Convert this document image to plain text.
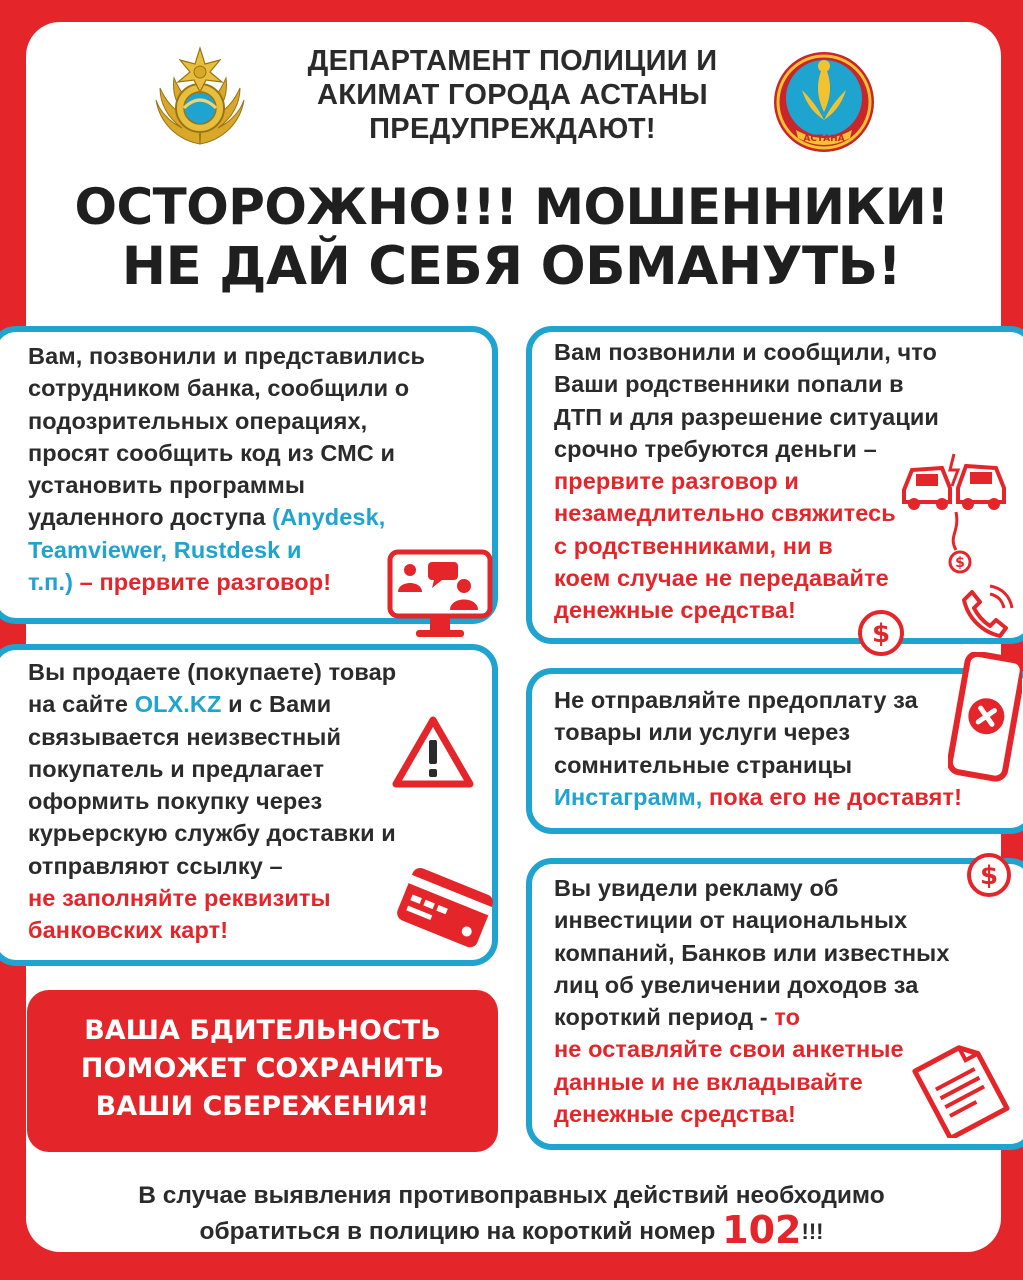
АСТАНА
ДЕПАРТАМЕНТ ПОЛИЦИИ И
АКИМАТ ГОРОДА АСТАНЫ
ПРЕДУПРЕЖДАЮТ!
ОСТОРОЖНО!!! МОШЕННИКИ!
НЕ ДАЙ СЕБЯ ОБМАНУТЬ!
Вам, позвонили и представились
сотрудником банка, сообщили о
подозрительных операциях,
просят сообщить код из СМС и
установить программы
удаленного доступа (Anydesk,
Teamviewer, Rustdesk и
т.п.) – прервите разговор!
Вам позвонили и сообщили, что
Ваши родственники попали в
ДТП и для разрешение ситуации
срочно требуются деньги –
прервите разговор и
незамедлительно свяжитесь
с родственниками, ни в
коем случае не передавайте
денежные средства!
$
$
Вы продаете (покупаете) товар
на сайте OLX.KZ и с Вами
связывается неизвестный
покупатель и предлагает
оформить покупку через
курьерскую службу доставки и
отправляют ссылку –
не заполняйте реквизиты
банковских карт!
Не отправляйте предоплату за
товары или услуги через
сомнительные страницы
Инстаграмм, пока его не доставят!
Вы увидели рекламу об
инвестиции от национальных
компаний, Банков или известных
лиц об увеличении доходов за
короткий период - то
не оставляйте свои анкетные
данные и не вкладывайте
денежные средства!
$
ВАША БДИТЕЛЬНОСТЬ
ПОМОЖЕТ СОХРАНИТЬ
ВАШИ СБЕРЕЖЕНИЯ!
В случае выявления противоправных действий необходимо
обратиться в полицию на короткий номер 102!!!
